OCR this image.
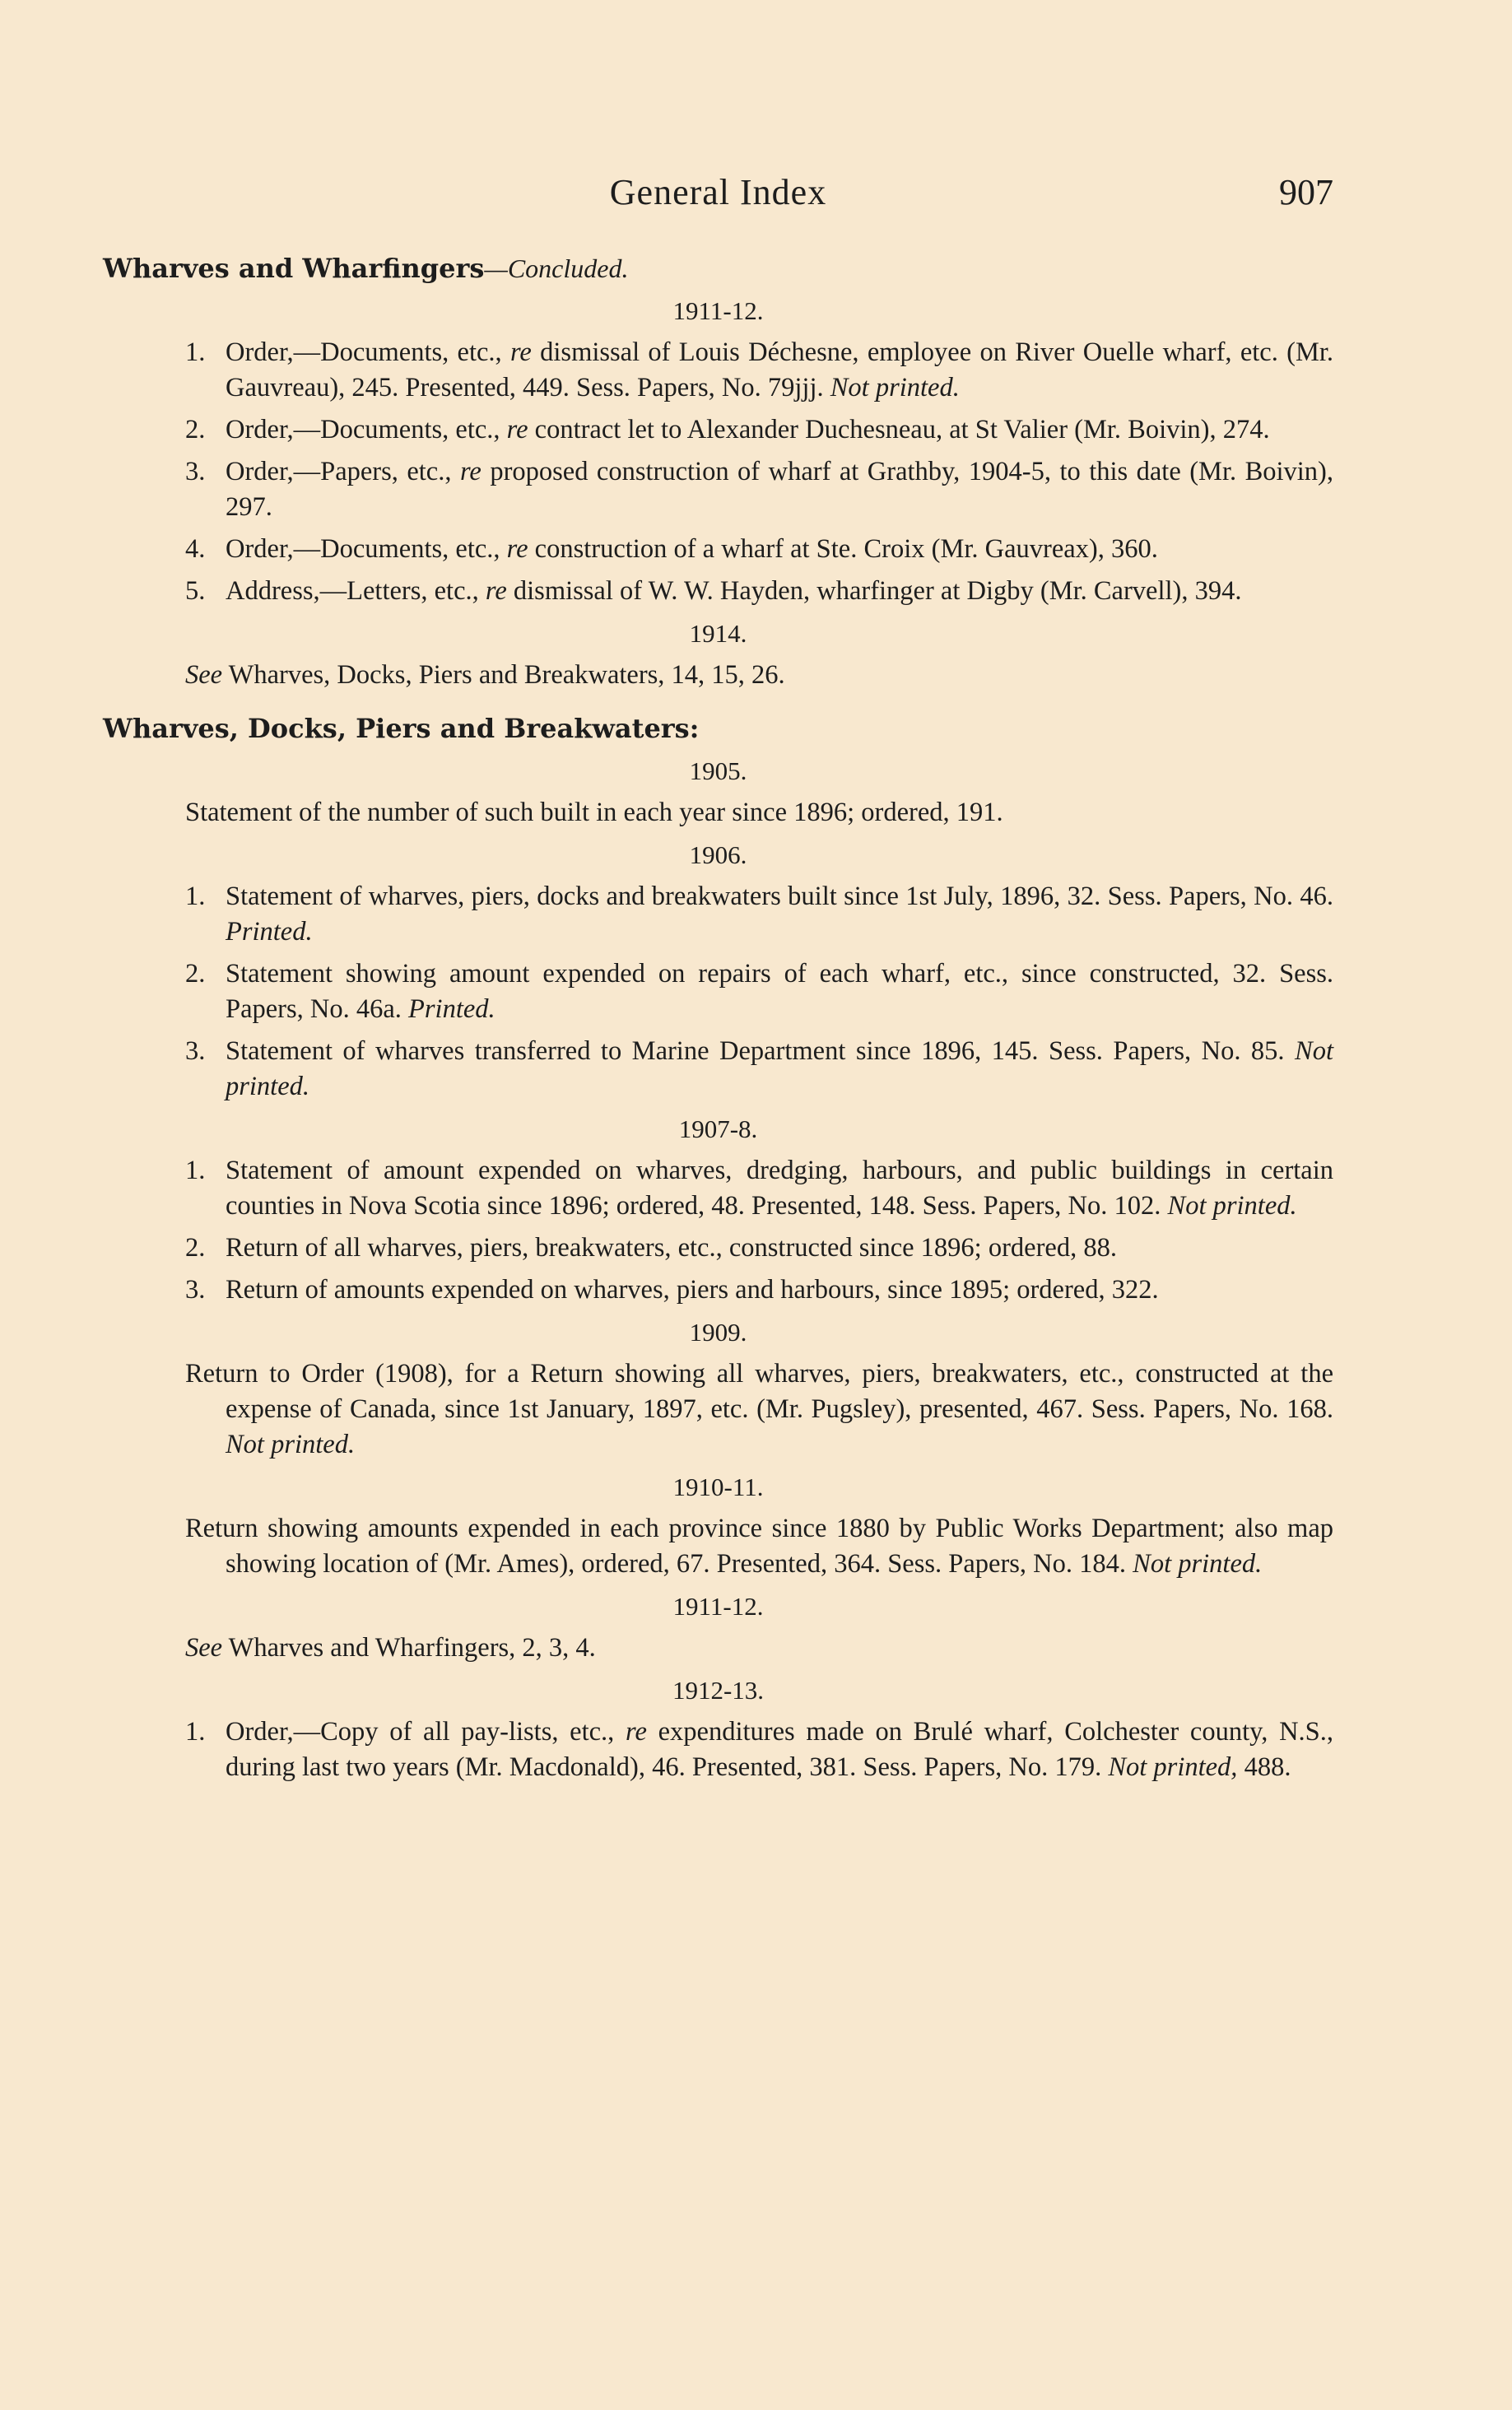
General Index	907
Wharves and Wharfingers—Concluded.
1911-12.
1. Order,—Documents, etc., re dismissal of Louis Déchesne, employee on River Ouelle wharf, etc. (Mr. Gauvreau), 245. Presented, 449. Sess. Papers, No. 79jjj. Not printed.
2. Order,—Documents, etc., re contract let to Alexander Duchesneau, at St Valier (Mr. Boivin), 274.
3. Order,—Papers, etc., re proposed construction of wharf at Grathby, 1904-5, to this date (Mr. Boivin), 297.
4. Order,—Documents, etc., re construction of a wharf at Ste. Croix (Mr. Gauvreax), 360.
5. Address,—Letters, etc., re dismissal of W. W. Hayden, wharfinger at Digby (Mr. Carvell), 394.
1914.
See Wharves, Docks, Piers and Breakwaters, 14, 15, 26.
Wharves, Docks, Piers and Breakwaters:
1905.
Statement of the number of such built in each year since 1896; ordered, 191.
1906.
1. Statement of wharves, piers, docks and breakwaters built since 1st July, 1896, 32. Sess. Papers, No. 46. Printed.
2. Statement showing amount expended on repairs of each wharf, etc., since constructed, 32. Sess. Papers, No. 46a. Printed.
3. Statement of wharves transferred to Marine Department since 1896, 145. Sess. Papers, No. 85. Not printed.
1907-8.
1. Statement of amount expended on wharves, dredging, harbours, and public buildings in certain counties in Nova Scotia since 1896; ordered, 48. Presented, 148. Sess. Papers, No. 102. Not printed.
2. Return of all wharves, piers, breakwaters, etc., constructed since 1896; ordered, 88.
3. Return of amounts expended on wharves, piers and harbours, since 1895; ordered, 322.
1909.
Return to Order (1908), for a Return showing all wharves, piers, breakwaters, etc., constructed at the expense of Canada, since 1st January, 1897, etc. (Mr. Pugsley), presented, 467. Sess. Papers, No. 168. Not printed.
1910-11.
Return showing amounts expended in each province since 1880 by Public Works Department; also map showing location of (Mr. Ames), ordered, 67. Presented, 364. Sess. Papers, No. 184. Not printed.
1911-12.
See Wharves and Wharfingers, 2, 3, 4.
1912-13.
1. Order,—Copy of all pay-lists, etc., re expenditures made on Brulé wharf, Colchester county, N.S., during last two years (Mr. Macdonald), 46. Presented, 381. Sess. Papers, No. 179. Not printed, 488.
